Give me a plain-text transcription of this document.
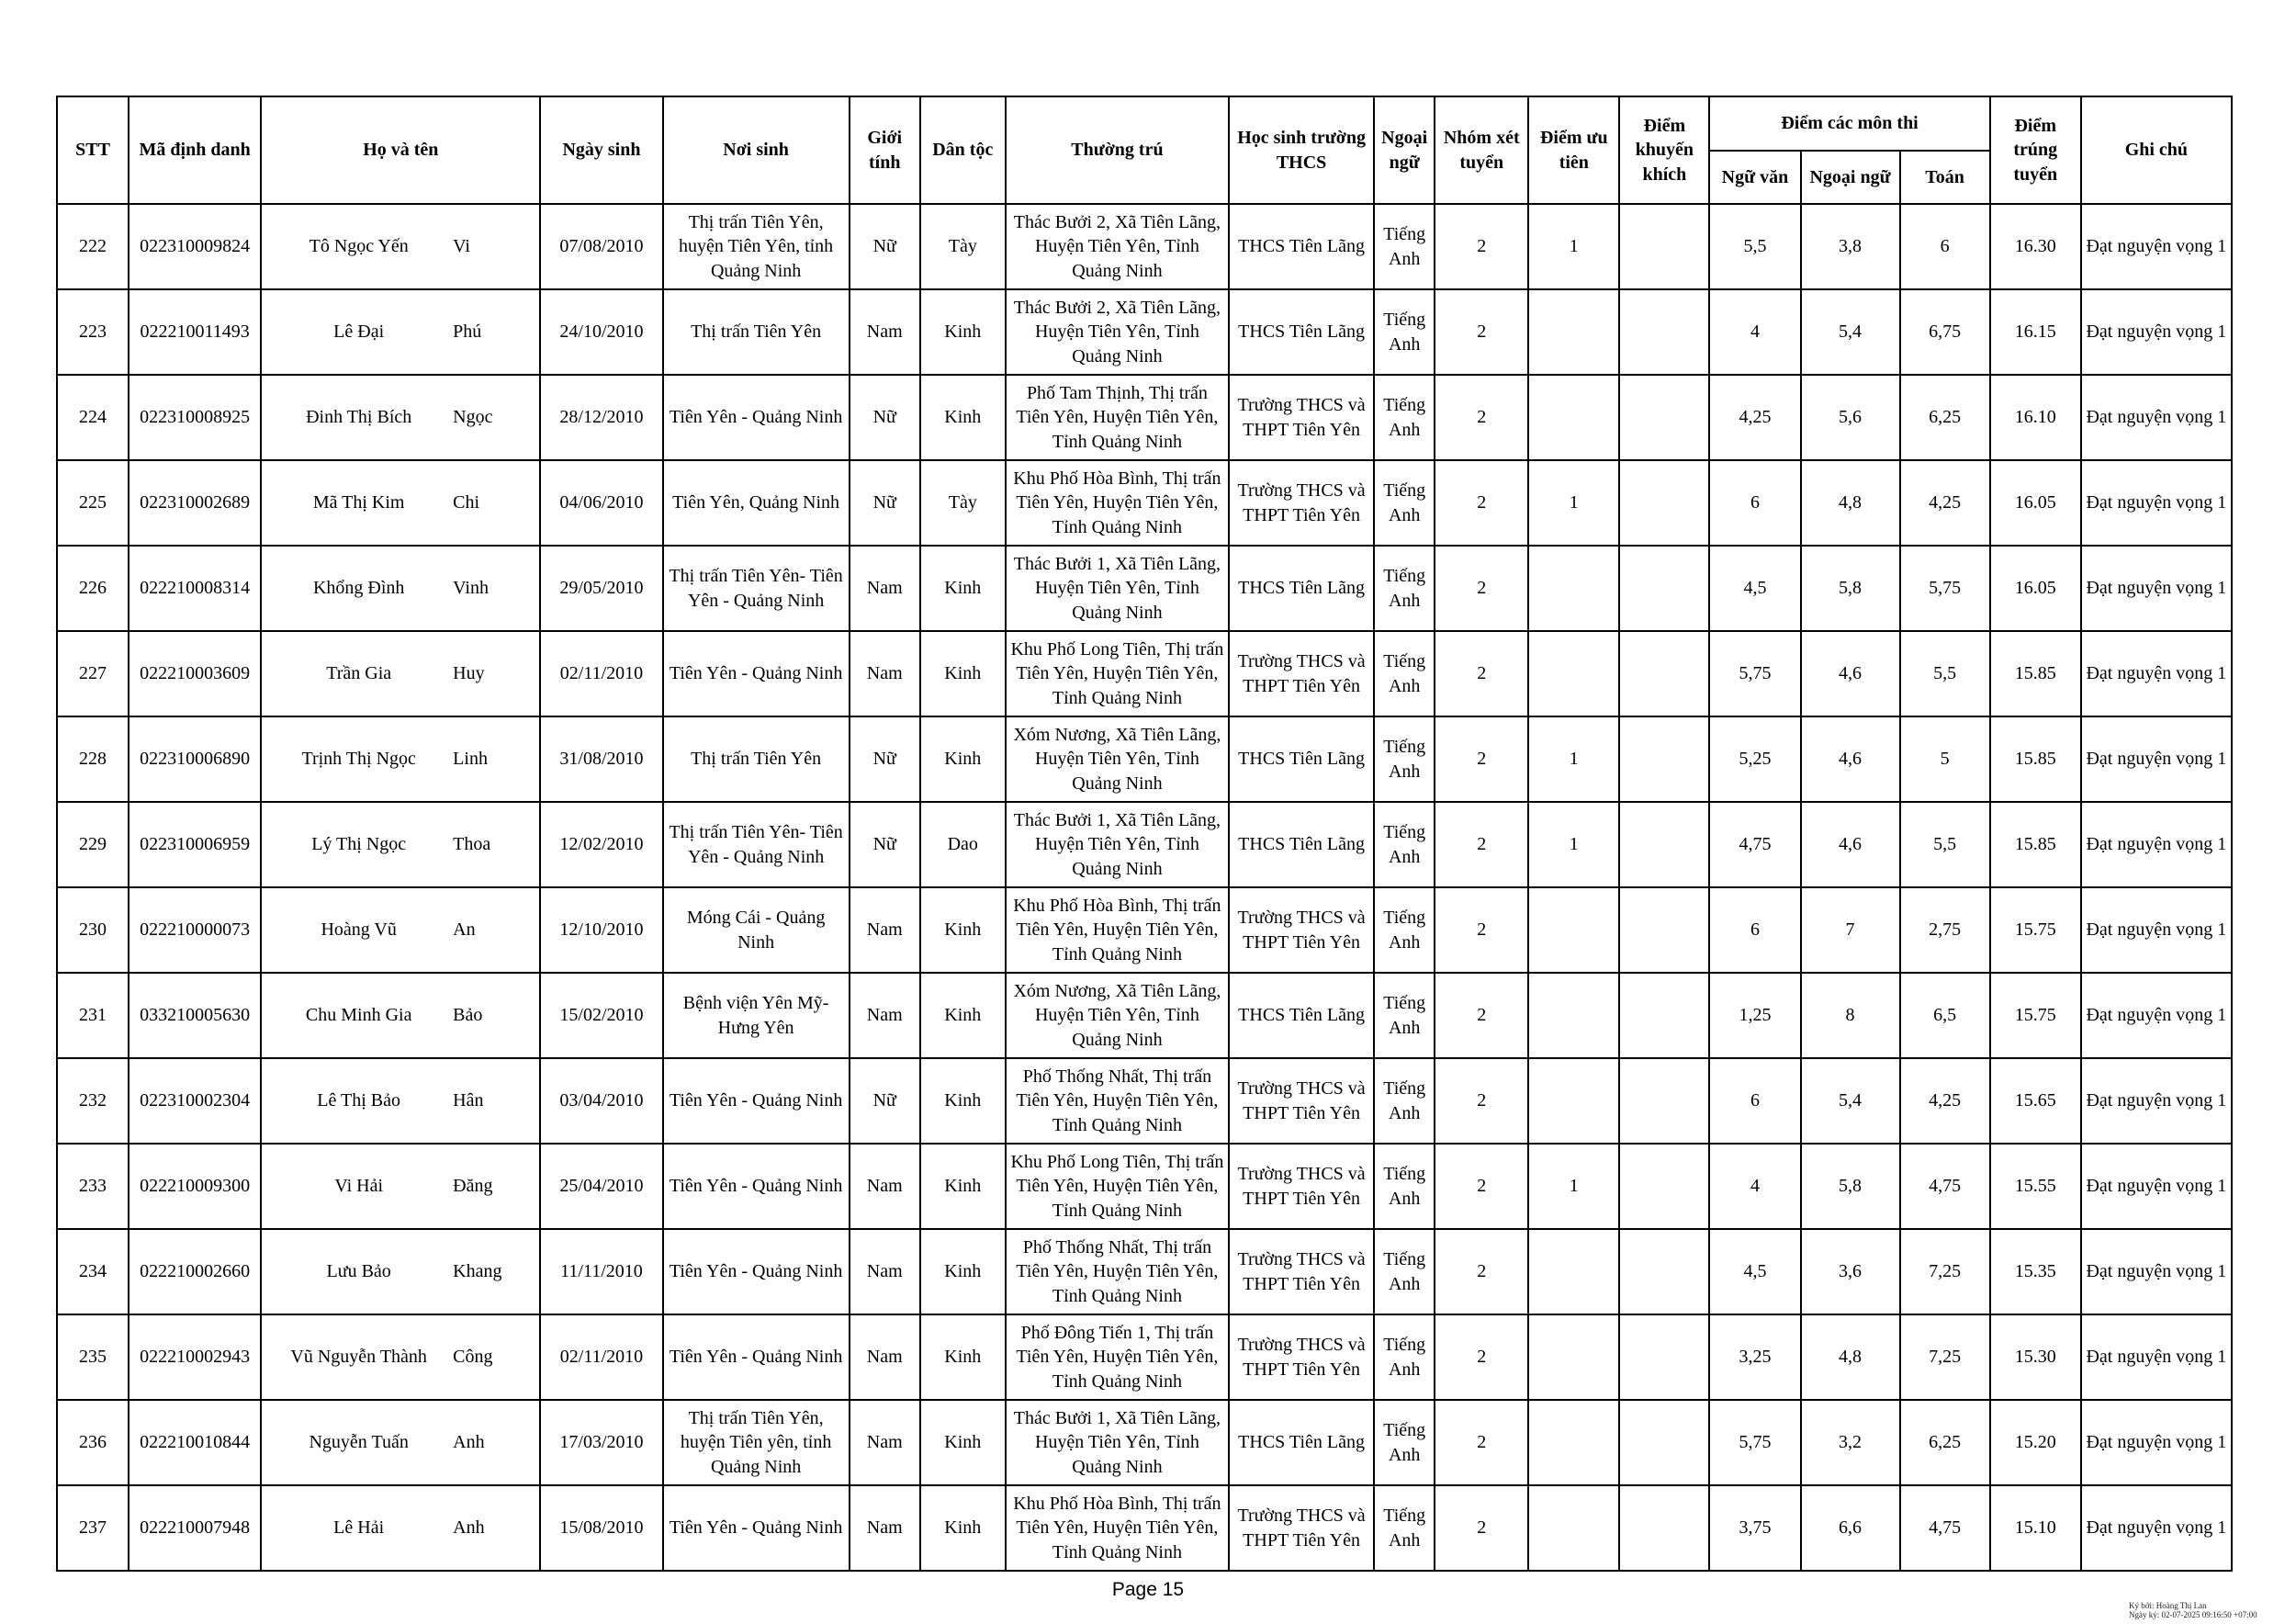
STT	Mã định danh	Họ và tên	Ngày sinh	Nơi sinh	Giới tính	Dân tộc	Thường trú	Học sinh trường THCS	Ngoại ngữ	Nhóm xét tuyển	Điểm ưu tiên	Điểm khuyến khích	Điểm các môn thi			Điểm trúng tuyển	Ghi chú
													Ngữ văn	Ngoại ngữ	Toán		
222	022310009824	Tô Ngọc Yến Vi	07/08/2010	Thị trấn Tiên Yên, huyện Tiên Yên, tỉnh Quảng Ninh	Nữ	Tày	Thác Bưởi 2, Xã Tiên Lãng, Huyện Tiên Yên, Tỉnh Quảng Ninh	THCS Tiên Lãng	Tiếng Anh	2	1		5,5	3,8	6	16.30	Đạt nguyện vọng 1
223	022210011493	Lê Đại Phú	24/10/2010	Thị trấn Tiên Yên	Nam	Kinh	Thác Bưởi 2, Xã Tiên Lãng, Huyện Tiên Yên, Tỉnh Quảng Ninh	THCS Tiên Lãng	Tiếng Anh	2			4	5,4	6,75	16.15	Đạt nguyện vọng 1
224	022310008925	Đinh Thị Bích Ngọc	28/12/2010	Tiên Yên - Quảng Ninh	Nữ	Kinh	Phố Tam Thịnh, Thị trấn Tiên Yên, Huyện Tiên Yên, Tỉnh Quảng Ninh	Trường THCS và THPT Tiên Yên	Tiếng Anh	2			4,25	5,6	6,25	16.10	Đạt nguyện vọng 1
225	022310002689	Mã Thị Kim Chi	04/06/2010	Tiên Yên, Quảng Ninh	Nữ	Tày	Khu Phố Hòa Bình, Thị trấn Tiên Yên, Huyện Tiên Yên, Tỉnh Quảng Ninh	Trường THCS và THPT Tiên Yên	Tiếng Anh	2	1		6	4,8	4,25	16.05	Đạt nguyện vọng 1
226	022210008314	Khổng Đình Vinh	29/05/2010	Thị trấn Tiên Yên- Tiên Yên - Quảng Ninh	Nam	Kinh	Thác Bưởi 1, Xã Tiên Lãng, Huyện Tiên Yên, Tỉnh Quảng Ninh	THCS Tiên Lãng	Tiếng Anh	2			4,5	5,8	5,75	16.05	Đạt nguyện vọng 1
227	022210003609	Trần Gia Huy	02/11/2010	Tiên Yên - Quảng Ninh	Nam	Kinh	Khu Phố Long Tiên, Thị trấn Tiên Yên, Huyện Tiên Yên, Tỉnh Quảng Ninh	Trường THCS và THPT Tiên Yên	Tiếng Anh	2			5,75	4,6	5,5	15.85	Đạt nguyện vọng 1
228	022310006890	Trịnh Thị Ngọc Linh	31/08/2010	Thị trấn Tiên Yên	Nữ	Kinh	Xóm Nương, Xã Tiên Lãng, Huyện Tiên Yên, Tỉnh Quảng Ninh	THCS Tiên Lãng	Tiếng Anh	2	1		5,25	4,6	5	15.85	Đạt nguyện vọng 1
229	022310006959	Lý Thị Ngọc Thoa	12/02/2010	Thị trấn Tiên Yên- Tiên Yên - Quảng Ninh	Nữ	Dao	Thác Bưởi 1, Xã Tiên Lãng, Huyện Tiên Yên, Tỉnh Quảng Ninh	THCS Tiên Lãng	Tiếng Anh	2	1		4,75	4,6	5,5	15.85	Đạt nguyện vọng 1
230	022210000073	Hoàng Vũ An	12/10/2010	Móng Cái - Quảng Ninh	Nam	Kinh	Khu Phố Hòa Bình, Thị trấn Tiên Yên, Huyện Tiên Yên, Tỉnh Quảng Ninh	Trường THCS và THPT Tiên Yên	Tiếng Anh	2			6	7	2,75	15.75	Đạt nguyện vọng 1
231	033210005630	Chu Minh Gia Bảo	15/02/2010	Bệnh viện Yên Mỹ- Hưng Yên	Nam	Kinh	Xóm Nương, Xã Tiên Lãng, Huyện Tiên Yên, Tỉnh Quảng Ninh	THCS Tiên Lãng	Tiếng Anh	2			1,25	8	6,5	15.75	Đạt nguyện vọng 1
232	022310002304	Lê Thị Bảo Hân	03/04/2010	Tiên Yên - Quảng Ninh	Nữ	Kinh	Phố Thống Nhất, Thị trấn Tiên Yên, Huyện Tiên Yên, Tỉnh Quảng Ninh	Trường THCS và THPT Tiên Yên	Tiếng Anh	2			6	5,4	4,25	15.65	Đạt nguyện vọng 1
233	022210009300	Vi Hải Đăng	25/04/2010	Tiên Yên - Quảng Ninh	Nam	Kinh	Khu Phố Long Tiên, Thị trấn Tiên Yên, Huyện Tiên Yên, Tỉnh Quảng Ninh	Trường THCS và THPT Tiên Yên	Tiếng Anh	2	1		4	5,8	4,75	15.55	Đạt nguyện vọng 1
234	022210002660	Lưu Bảo Khang	11/11/2010	Tiên Yên - Quảng Ninh	Nam	Kinh	Phố Thống Nhất, Thị trấn Tiên Yên, Huyện Tiên Yên, Tỉnh Quảng Ninh	Trường THCS và THPT Tiên Yên	Tiếng Anh	2			4,5	3,6	7,25	15.35	Đạt nguyện vọng 1
235	022210002943	Vũ Nguyễn Thành Công	02/11/2010	Tiên Yên - Quảng Ninh	Nam	Kinh	Phố Đông Tiến 1, Thị trấn Tiên Yên, Huyện Tiên Yên, Tỉnh Quảng Ninh	Trường THCS và THPT Tiên Yên	Tiếng Anh	2			3,25	4,8	7,25	15.30	Đạt nguyện vọng 1
236	022210010844	Nguyễn Tuấn Anh	17/03/2010	Thị trấn Tiên Yên, huyện Tiên yên, tỉnh Quảng Ninh	Nam	Kinh	Thác Bưởi 1, Xã Tiên Lãng, Huyện Tiên Yên, Tỉnh Quảng Ninh	THCS Tiên Lãng	Tiếng Anh	2			5,75	3,2	6,25	15.20	Đạt nguyện vọng 1
237	022210007948	Lê Hải Anh	15/08/2010	Tiên Yên - Quảng Ninh	Nam	Kinh	Khu Phố Hòa Bình, Thị trấn Tiên Yên, Huyện Tiên Yên, Tỉnh Quảng Ninh	Trường THCS và THPT Tiên Yên	Tiếng Anh	2			3,75	6,6	4,75	15.10	Đạt nguyện vọng 1
Page 15
Ký bởi: Hoàng Thị Lan
Ngày ký: 02-07-2025 09:16:50 +07:00
